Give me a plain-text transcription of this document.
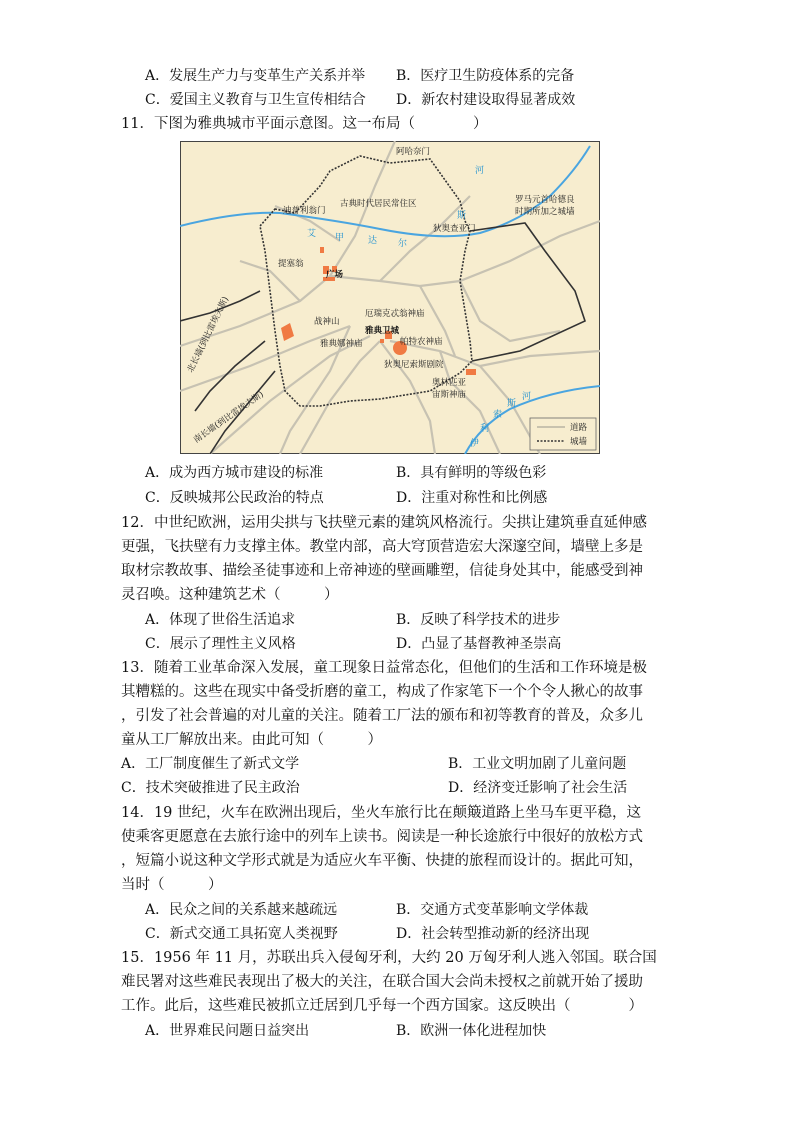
A．发展生产力与变革生产关系并举 B．医疗卫生防疫体系的完备
C．爱国主义教育与卫生宣传相结合 D．新农村建设取得显著成效
11．下图为雅典城市平面示意图。这一布局（　　　　）
阿哈奈门
迪普利翁门
狄奥查亚门
古典时代居民常住区	罗马元首哈德良
时期所加之城墙
艾 甲	达 尔
河
斯
提塞翁
广场
战神山
厄瑞克忒翁神庙
雅典卫城
雅典娜神庙	帕特农神庙
狄奥尼索斯剧院
奥林匹亚
宙斯神庙
伊
利
索
斯
河
北长墙(到比雷埃夫斯)
南长墙(到比雷埃夫斯)	道路
城墙
A．成为西方城市建设的标准	B．具有鲜明的等级色彩
C．反映城邦公民政治的特点	D．注重对称性和比例感
12．中世纪欧洲，运用尖拱与飞扶壁元素的建筑风格流行。尖拱让建筑垂直延伸感
更强，飞扶壁有力支撑主体。教堂内部，高大穹顶营造宏大深邃空间，墙壁上多是
取材宗教故事、描绘圣徒事迹和上帝神迹的壁画雕塑，信徒身处其中，能感受到神
灵召唤。这种建筑艺术（　　　）
A．体现了世俗生活追求	B．反映了科学技术的进步
C．展示了理性主义风格	D．凸显了基督教神圣崇高
13．随着工业革命深入发展，童工现象日益常态化，但他们的生活和工作环境是极
其糟糕的。这些在现实中备受折磨的童工，构成了作家笔下一个个令人揪心的故事
，引发了社会普遍的对儿童的关注。随着工厂法的颁布和初等教育的普及，众多儿
童从工厂解放出来。由此可知（　　　）
A．工厂制度催生了新式文学	B．工业文明加剧了儿童问题
C．技术突破推进了民主政治	D．经济变迁影响了社会生活
14．19 世纪，火车在欧洲出现后，坐火车旅行比在颠簸道路上坐马车更平稳，这
使乘客更愿意在去旅行途中的列车上读书。阅读是一种长途旅行中很好的放松方式
，短篇小说这种文学形式就是为适应火车平衡、快捷的旅程而设计的。据此可知，
当时（　　　）
A．民众之间的关系越来越疏远	B．交通方式变革影响文学体裁
C．新式交通工具拓宽人类视野	D．社会转型推动新的经济出现
15．1956 年 11 月，苏联出兵入侵匈牙利，大约 20 万匈牙利人逃入邻国。联合国
难民署对这些难民表现出了极大的关注，在联合国大会尚未授权之前就开始了援助
工作。此后，这些难民被抓立迁居到几乎每一个西方国家。这反映出（　　　　）
A．世界难民问题日益突出	B．欧洲一体化进程加快
